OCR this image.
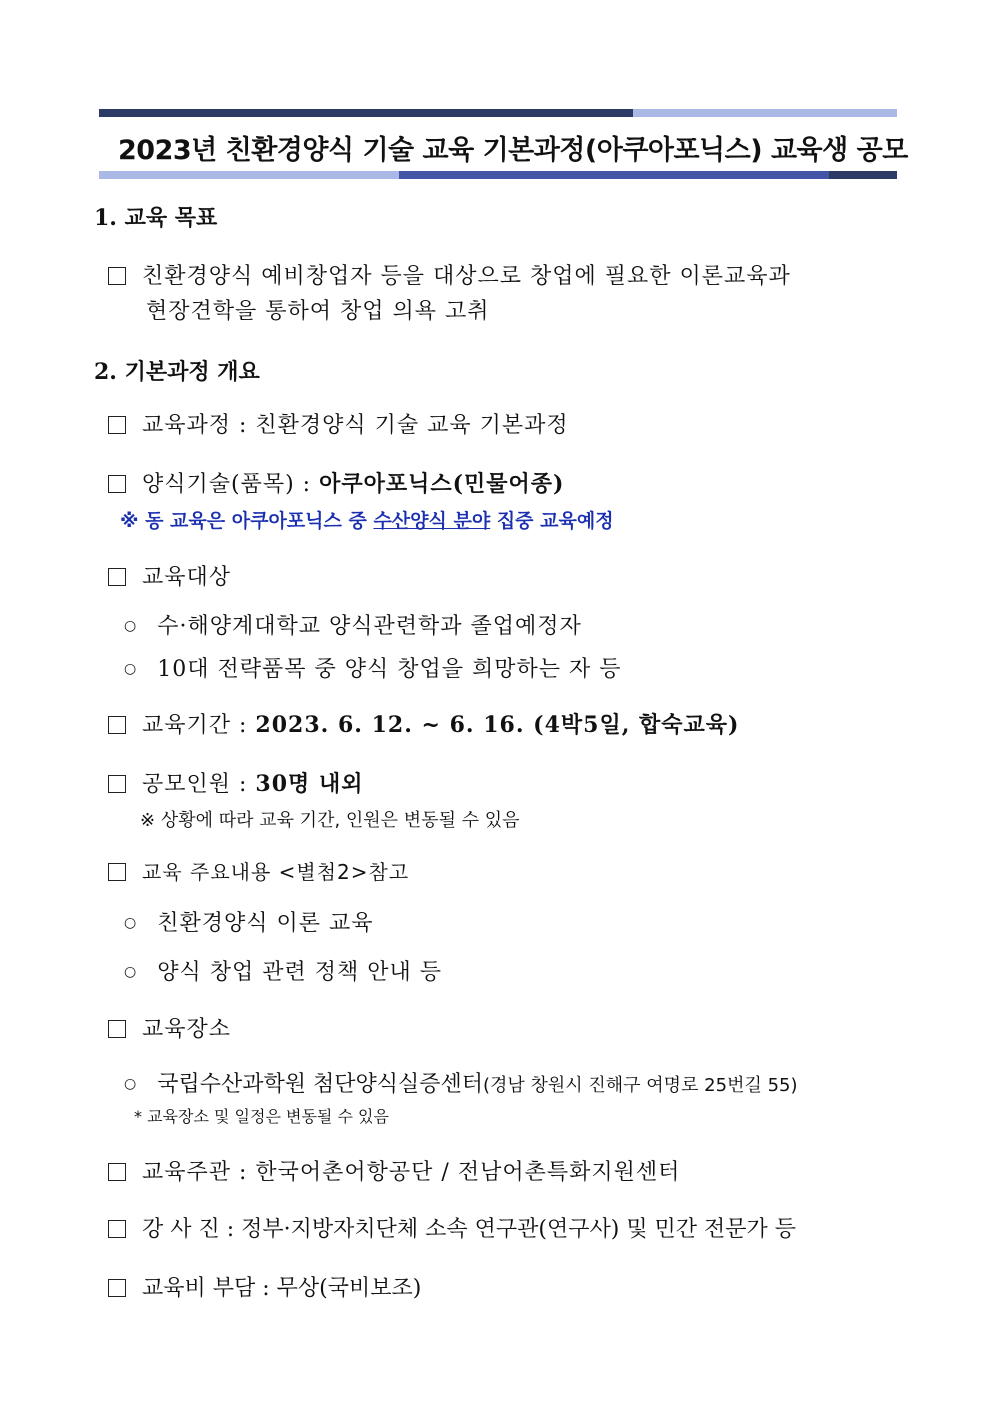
2023년 친환경양식 기술 교육 기본과정(아쿠아포닉스) 교육생 공모
1. 교육 목표
친환경양식 예비창업자 등을 대상으로 창업에 필요한 이론교육과
현장견학을 통하여 창업 의욕 고취
2. 기본과정 개요
교육과정 : 친환경양식 기술 교육 기본과정
양식기술(품목) : 아쿠아포닉스(민물어종)
※ 동 교육은 아쿠아포닉스 중 수산양식 분야 집중 교육예정
교육대상
○ 수·해양계대학교 양식관련학과 졸업예정자
○ 10대 전략품목 중 양식 창업을 희망하는 자 등
교육기간 : 2023. 6. 12. ~ 6. 16. (4박5일, 합숙교육)
공모인원 : 30명 내외
※ 상황에 따라 교육 기간, 인원은 변동될 수 있음
교육 주요내용 <별첨2>참고
○ 친환경양식 이론 교육
○ 양식 창업 관련 정책 안내 등
교육장소
○ 국립수산과학원 첨단양식실증센터(경남 창원시 진해구 여명로 25번길 55)
* 교육장소 및 일정은 변동될 수 있음
교육주관 : 한국어촌어항공단 / 전남어촌특화지원센터
강 사 진 : 정부·지방자치단체 소속 연구관(연구사) 및 민간 전문가 등
교육비 부담 : 무상(국비보조)
